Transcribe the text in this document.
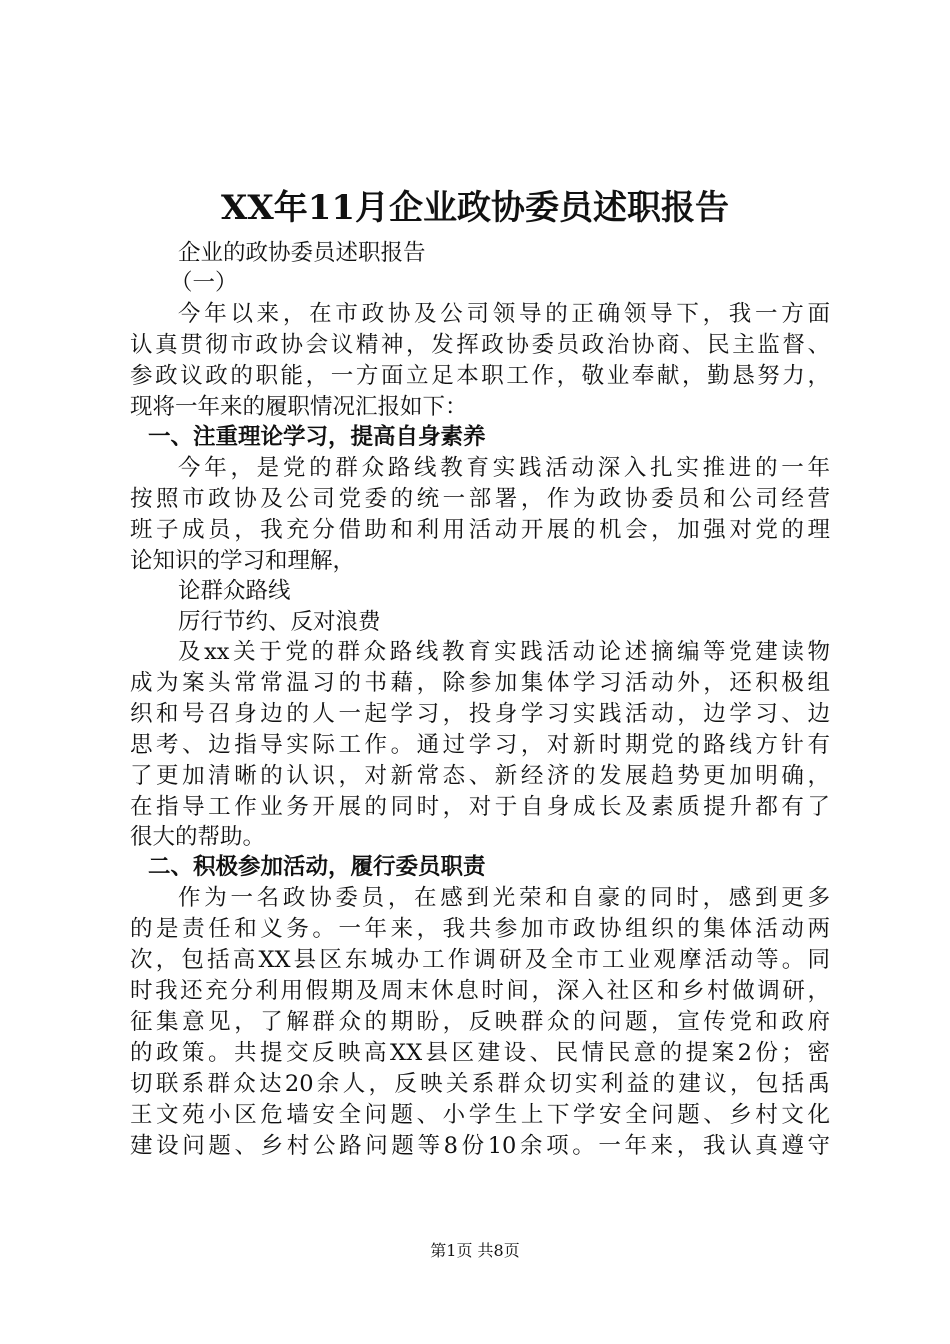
XX年11月企业政协委员述职报告
企业的政协委员述职报告
（一）
今年以来，在市政协及公司领导的正确领导下，我一方面
认真贯彻市政协会议精神，发挥政协委员政治协商、民主监督、
参政议政的职能，一方面立足本职工作，敬业奉献，勤恳努力，
现将一年来的履职情况汇报如下：
一、注重理论学习，提高自身素养
今年，是党的群众路线教育实践活动深入扎实推进的一年
按照市政协及公司党委的统一部署，作为政协委员和公司经营
班子成员，我充分借助和利用活动开展的机会，加强对党的理
论知识的学习和理解，
论群众路线
厉行节约、反对浪费
及xx关于党的群众路线教育实践活动论述摘编等党建读物
成为案头常常温习的书藉，除参加集体学习活动外，还积极组
织和号召身边的人一起学习，投身学习实践活动，边学习、边
思考、边指导实际工作。通过学习，对新时期党的路线方针有
了更加清晰的认识，对新常态、新经济的发展趋势更加明确，
在指导工作业务开展的同时，对于自身成长及素质提升都有了
很大的帮助。
二、积极参加活动，履行委员职责
作为一名政协委员，在感到光荣和自豪的同时，感到更多
的是责任和义务。一年来，我共参加市政协组织的集体活动两
次，包括高XX县区东城办工作调研及全市工业观摩活动等。同
时我还充分利用假期及周末休息时间，深入社区和乡村做调研，
征集意见，了解群众的期盼，反映群众的问题，宣传党和政府
的政策。共提交反映高XX县区建设、民情民意的提案2份；密
切联系群众达20余人，反映关系群众切实利益的建议，包括禹
王文苑小区危墙安全问题、小学生上下学安全问题、乡村文化
建设问题、乡村公路问题等8份10余项。一年来，我认真遵守
第1页 共8页
